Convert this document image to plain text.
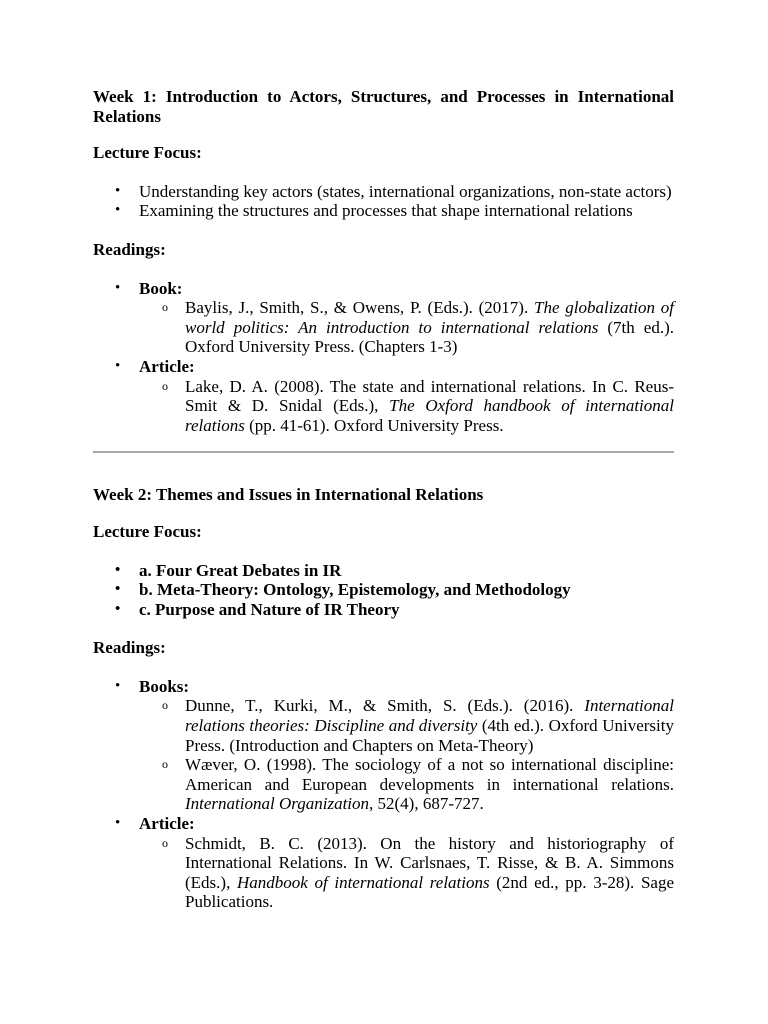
Week 1: Introduction to Actors, Structures, and Processes in International Relations

Lecture Focus:

• Understanding key actors (states, international organizations, non-state actors)
• Examining the structures and processes that shape international relations

Readings:

• Book:
o Baylis, J., Smith, S., & Owens, P. (Eds.). (2017). The globalization of world politics: An introduction to international relations (7th ed.). Oxford University Press. (Chapters 1-3)
• Article:
o Lake, D. A. (2008). The state and international relations. In C. Reus-Smit & D. Snidal (Eds.), The Oxford handbook of international relations (pp. 41-61). Oxford University Press.

Week 2: Themes and Issues in International Relations

Lecture Focus:

• a. Four Great Debates in IR
• b. Meta-Theory: Ontology, Epistemology, and Methodology
• c. Purpose and Nature of IR Theory

Readings:

• Books:
o Dunne, T., Kurki, M., & Smith, S. (Eds.). (2016). International relations theories: Discipline and diversity (4th ed.). Oxford University Press. (Introduction and Chapters on Meta-Theory)
o Wæver, O. (1998). The sociology of a not so international discipline: American and European developments in international relations. International Organization, 52(4), 687-727.
• Article:
o Schmidt, B. C. (2013). On the history and historiography of International Relations. In W. Carlsnaes, T. Risse, & B. A. Simmons (Eds.), Handbook of international relations (2nd ed., pp. 3-28). Sage Publications.
